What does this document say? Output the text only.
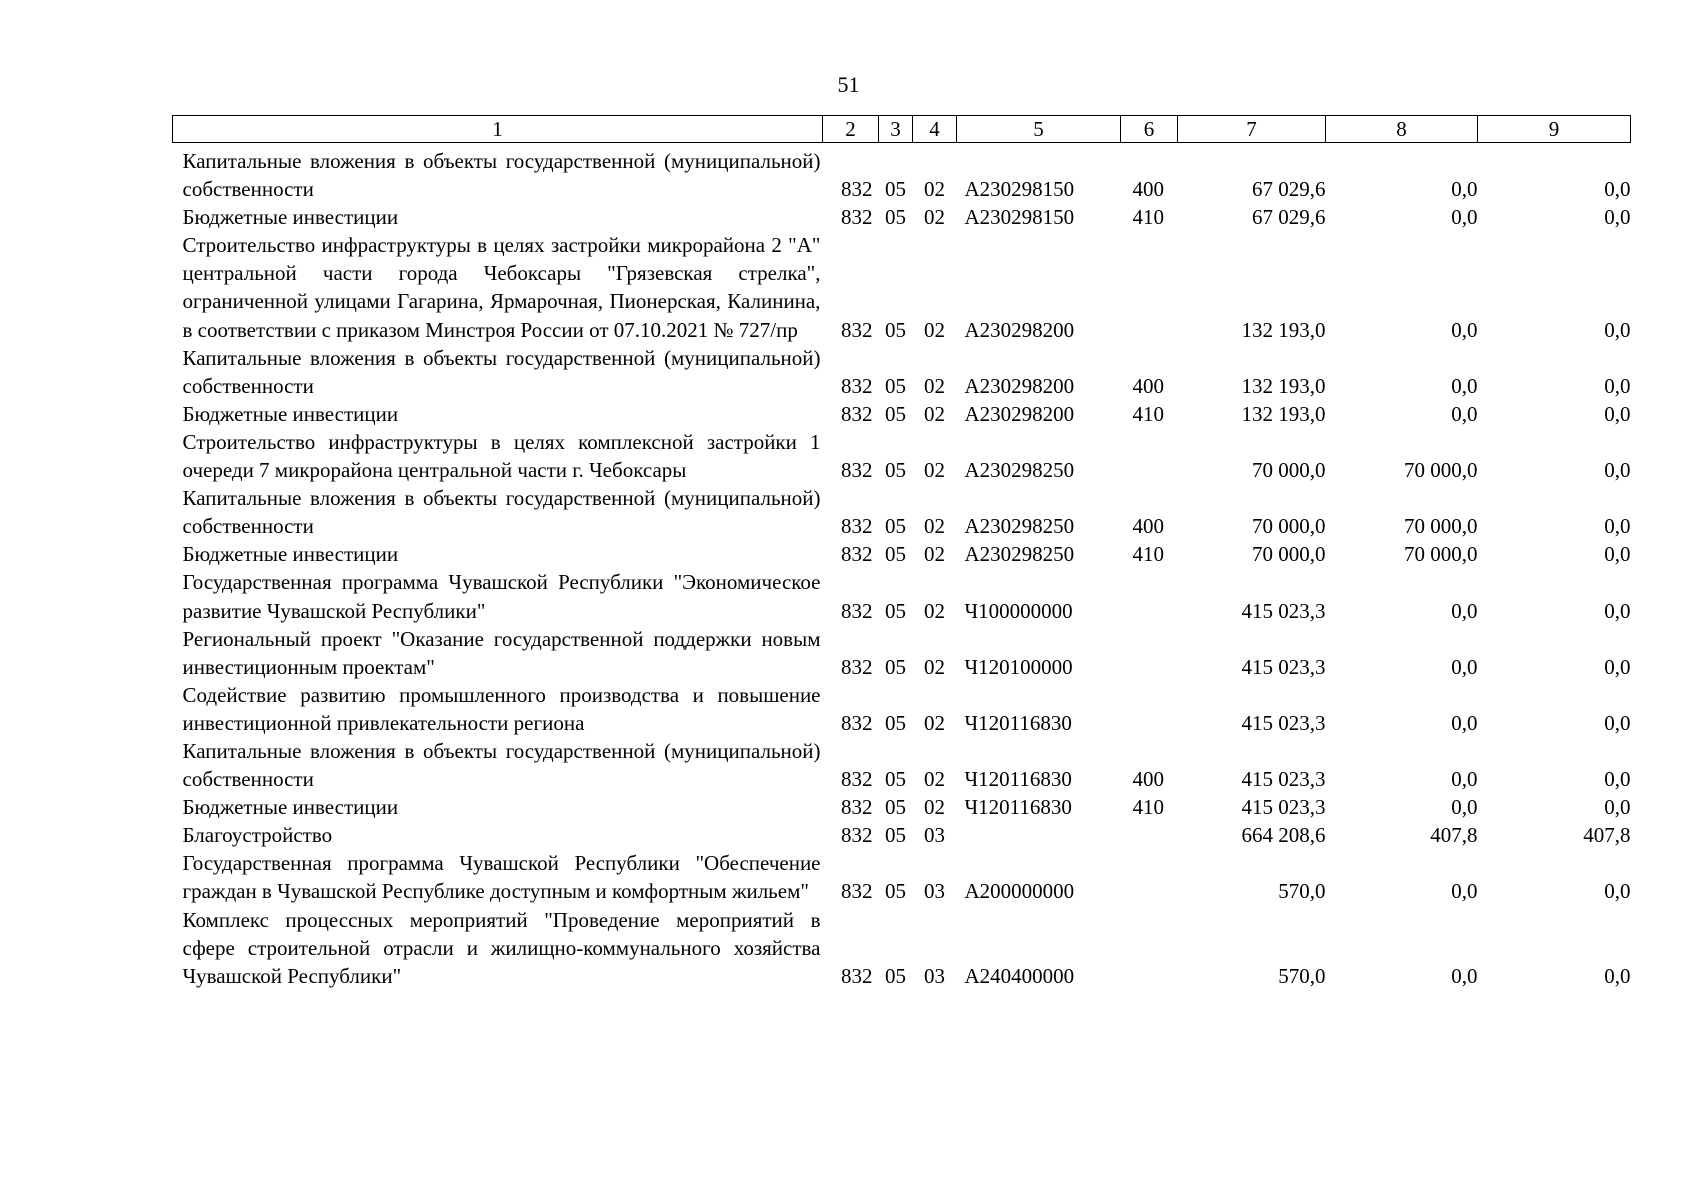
51
1	2	3	4	5	6	7	8	9
Капитальные вложения в объекты государственной (муниципальной) собственности	832	05	02	А230298150	400	67 029,6	0,0	0,0
Бюджетные инвестиции	832	05	02	А230298150	410	67 029,6	0,0	0,0
Строительство инфраструктуры в целях застройки микрорайона 2 "А" центральной части города Чебоксары "Грязевская стрелка", ограниченной улицами Гагарина, Ярмарочная, Пионерская, Калинина, в соответствии с приказом Минстроя России от 07.10.2021 № 727/пр	832	05	02	А230298200		132 193,0	0,0	0,0
Капитальные вложения в объекты государственной (муниципальной) собственности	832	05	02	А230298200	400	132 193,0	0,0	0,0
Бюджетные инвестиции	832	05	02	А230298200	410	132 193,0	0,0	0,0
Строительство инфраструктуры в целях комплексной застройки 1 очереди 7 микрорайона центральной части г. Чебоксары	832	05	02	А230298250		70 000,0	70 000,0	0,0
Капитальные вложения в объекты государственной (муниципальной) собственности	832	05	02	А230298250	400	70 000,0	70 000,0	0,0
Бюджетные инвестиции	832	05	02	А230298250	410	70 000,0	70 000,0	0,0
Государственная программа Чувашской Республики "Экономическое развитие Чувашской Республики"	832	05	02	Ч100000000		415 023,3	0,0	0,0
Региональный проект "Оказание государственной поддержки новым инвестиционным проектам"	832	05	02	Ч120100000		415 023,3	0,0	0,0
Содействие развитию промышленного производства и повышение инвестиционной привлекательности региона	832	05	02	Ч120116830		415 023,3	0,0	0,0
Капитальные вложения в объекты государственной (муниципальной) собственности	832	05	02	Ч120116830	400	415 023,3	0,0	0,0
Бюджетные инвестиции	832	05	02	Ч120116830	410	415 023,3	0,0	0,0
Благоустройство	832	05	03			664 208,6	407,8	407,8
Государственная программа Чувашской Республики "Обеспечение граждан в Чувашской Республике доступным и комфортным жильем"	832	05	03	А200000000		570,0	0,0	0,0
Комплекс процессных мероприятий "Проведение мероприятий в сфере строительной отрасли и жилищно-коммунального хозяйства Чувашской Республики"	832	05	03	А240400000		570,0	0,0	0,0
